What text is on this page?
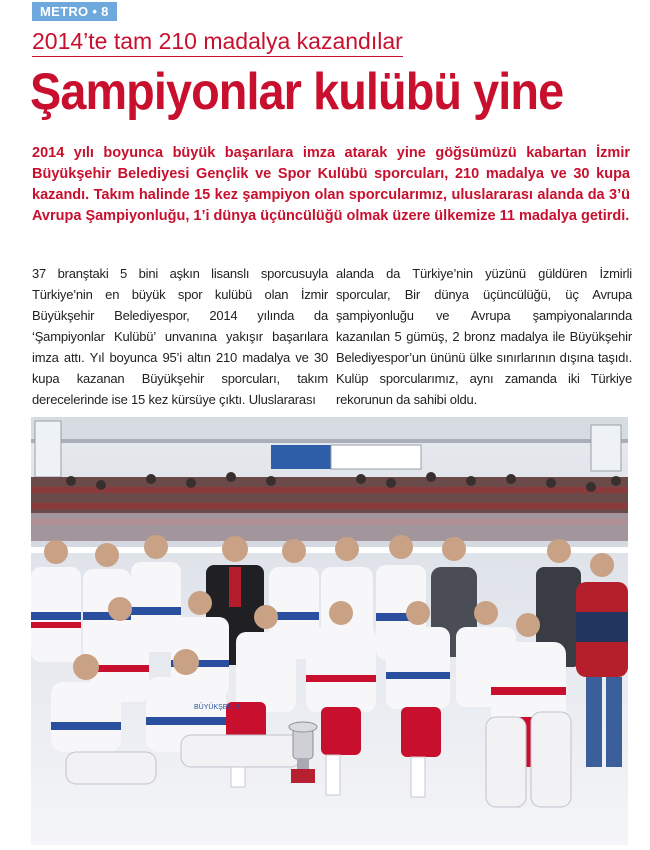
METRO • 8
2014’te tam 210 madalya kazandılar
Şampiyonlar kulübü yine
2014 yılı boyunca büyük başarılara imza atarak yine göğsümüzü kabartan İzmir Büyükşehir Belediyesi Gençlik ve Spor Kulübü sporcuları, 210 madalya ve 30 kupa kazandı. Takım halinde 15 kez şampiyon olan sporcularımız, uluslararası alanda da 3’ü Avrupa Şampiyonluğu, 1’i dünya üçüncülüğü olmak üzere ülkemize 11 madalya getirdi.
37 branştaki 5 bini aşkın lisanslı sporcusuyla Türkiye’nin en büyük spor kulübü olan İzmir Büyükşehir Belediyespor, 2014 yılında da ‘Şampiyonlar Kulübü’ unvanına yakışır başarılara imza attı. Yıl boyunca 95’i altın 210 madalya ve 30 kupa kazanan Büyükşehir sporcuları, takım derecelerinde ise 15 kez kürsüye çıktı. Uluslararası
alanda da Türkiye’nin yüzünü güldüren İzmirli sporcular, Bir dünya üçüncülüğü, üç Avrupa şampiyonluğu ve Avrupa şampiyonalarında kazanılan 5 gümüş, 2 bronz madalya ile Büyükşehir Belediyespor’un ününü ülke sınırlarının dışına taşıdı. Kulüp sporcularımız, aynı zamanda iki Türkiye rekorunun da sahibi oldu.
BÜYÜKŞEHİR
